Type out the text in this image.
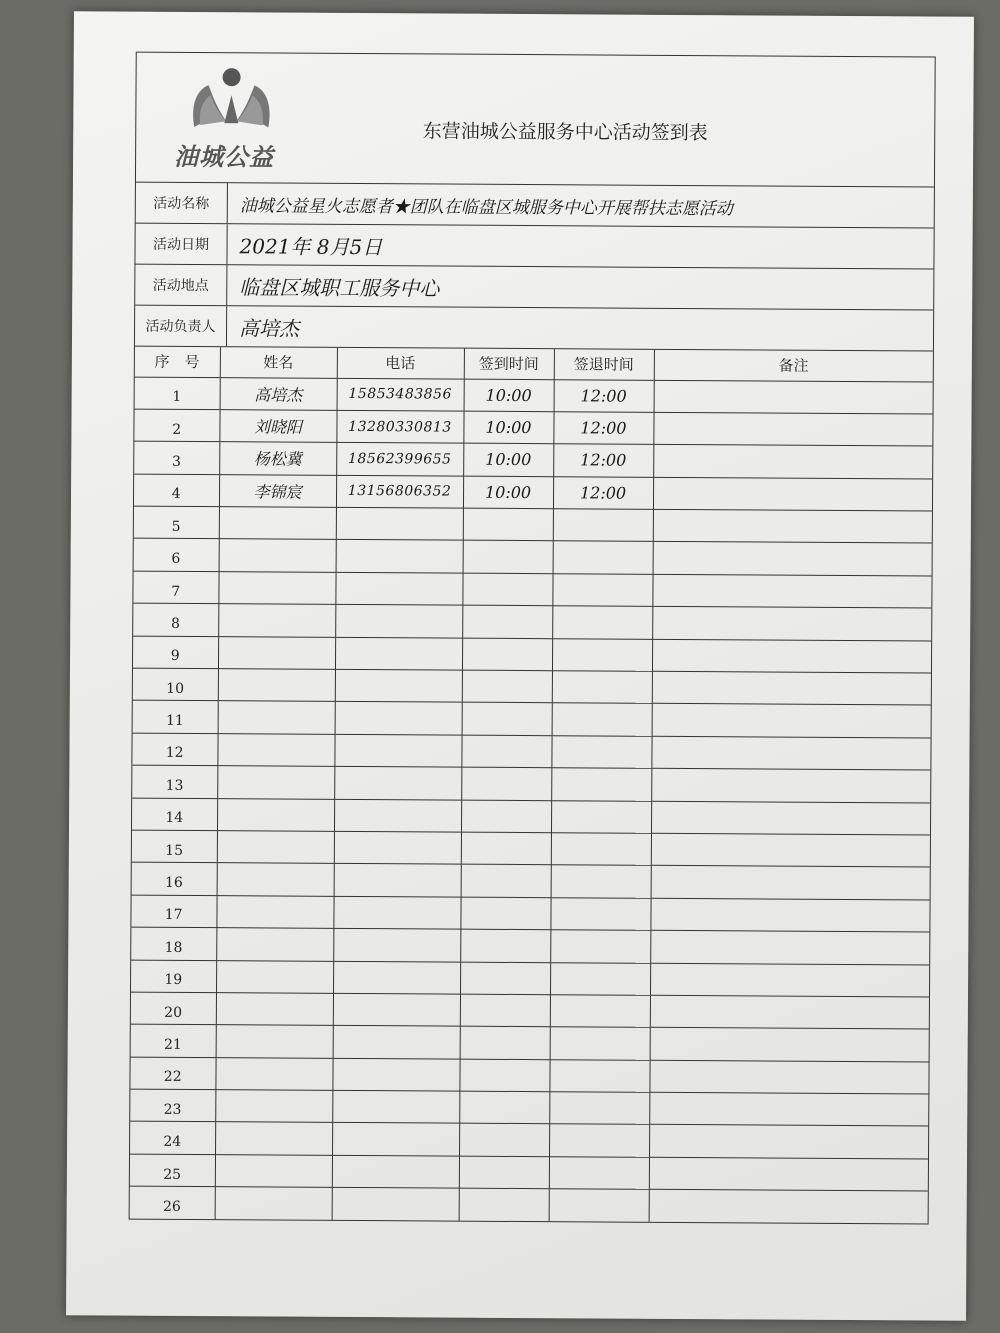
油城公益
东营油城公益服务中心活动签到表
活动名称	油城公益星火志愿者★团队在临盘区城服务中心开展帮扶志愿活动
活动日期	2021年 8月5日
活动地点	临盘区城职工服务中心
活动负责人	高培杰
序　号	姓名	电话	签到时间	签退时间	备注
1	高培杰	15853483856	10:00	12:00	
2	刘晓阳	13280330813	10:00	12:00	
3	杨松冀	18562399655	10:00	12:00	
4	李锦宸	13156806352	10:00	12:00	
5					
6					
7					
8					
9					
10					
11					
12					
13					
14					
15					
16					
17					
18					
19					
20					
21					
22					
23					
24					
25					
26					
